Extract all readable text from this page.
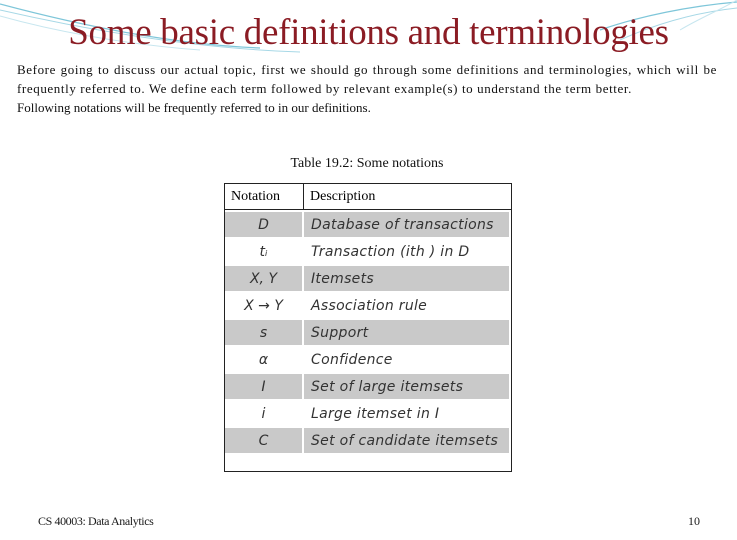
Some basic definitions and terminologies

Before going to discuss our actual topic, first we should go through some definitions and terminologies, which will be frequently referred to. We define each term followed by relevant example(s) to understand the term better.

Following notations will be frequently referred to in our definitions.

Table 19.2: Some notations
Notation	Description
D	Database of transactions
tᵢ	Transaction (ith ) in D
X, Y	Itemsets
X → Y	Association rule
s	Support
α	Confidence
I	Set of large itemsets
i	Large itemset in I
C	Set of candidate itemsets
CS 40003: Data Analytics	10
